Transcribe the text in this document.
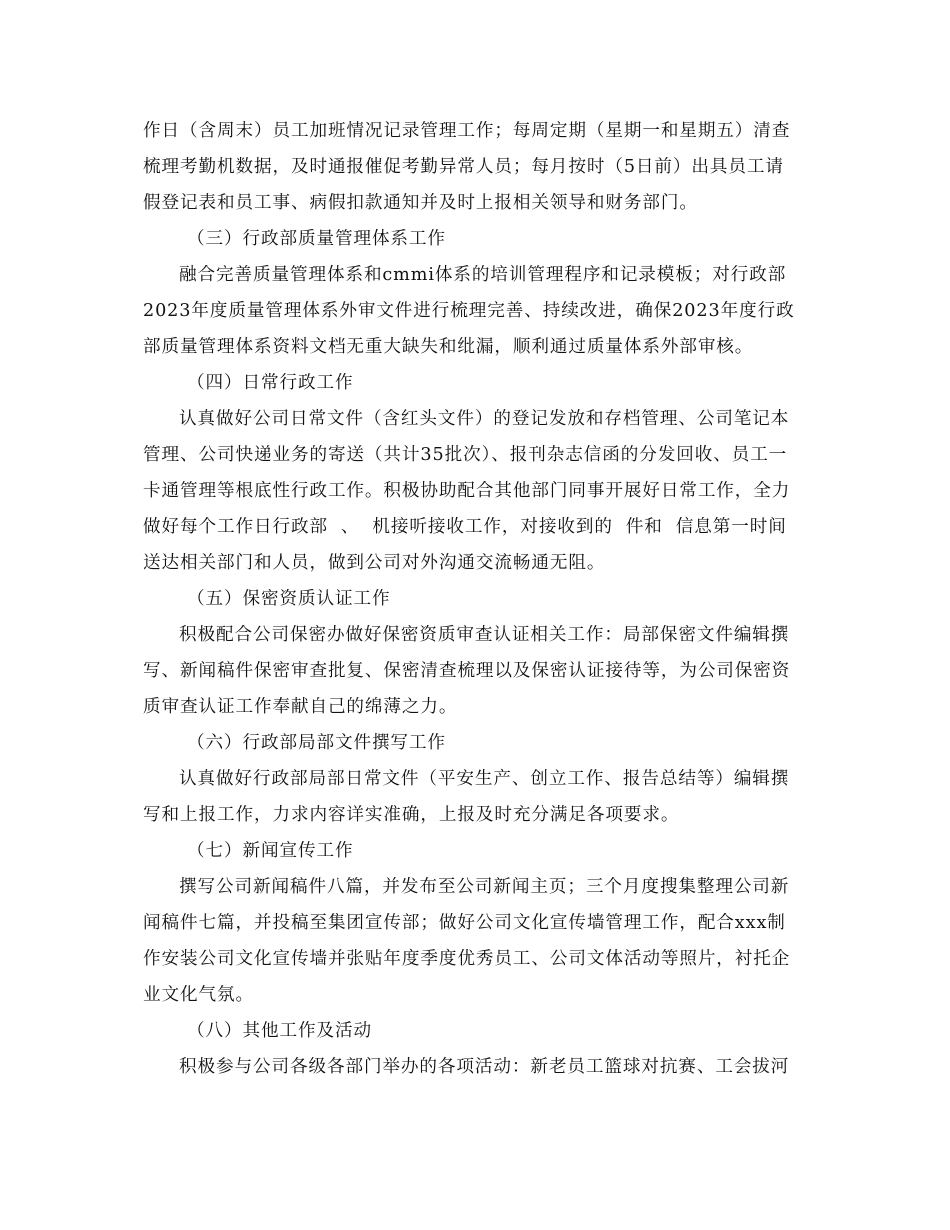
作日（含周末）员工加班情况记录管理工作；每周定期（星期一和星期五）清查
梳理考勤机数据，及时通报催促考勤异常人员；每月按时（5日前）出具员工请
假登记表和员工事、病假扣款通知并及时上报相关领导和财务部门。
（三）行政部质量管理体系工作
融合完善质量管理体系和cmmi体系的培训管理程序和记录模板；对行政部
2023年度质量管理体系外审文件进行梳理完善、持续改进，确保2023年度行政
部质量管理体系资料文档无重大缺失和纰漏，顺利通过质量体系外部审核。
（四）日常行政工作
认真做好公司日常文件（含红头文件）的登记发放和存档管理、公司笔记本
管理、公司快递业务的寄送（共计35批次）、报刊杂志信函的分发回收、员工一
卡通管理等根底性行政工作。积极协助配合其他部门同事开展好日常工作，全力
做好每个工作日行政部  、  机接听接收工作，对接收到的  件和  信息第一时间
送达相关部门和人员，做到公司对外沟通交流畅通无阻。
（五）保密资质认证工作
积极配合公司保密办做好保密资质审查认证相关工作：局部保密文件编辑撰
写、新闻稿件保密审查批复、保密清查梳理以及保密认证接待等，为公司保密资
质审查认证工作奉献自己的绵薄之力。
（六）行政部局部文件撰写工作
认真做好行政部局部日常文件（平安生产、创立工作、报告总结等）编辑撰
写和上报工作，力求内容详实准确，上报及时充分满足各项要求。
（七）新闻宣传工作
撰写公司新闻稿件八篇，并发布至公司新闻主页；三个月度搜集整理公司新
闻稿件七篇，并投稿至集团宣传部；做好公司文化宣传墙管理工作，配合xxx制
作安装公司文化宣传墙并张贴年度季度优秀员工、公司文体活动等照片，衬托企
业文化气氛。
（八）其他工作及活动
积极参与公司各级各部门举办的各项活动：新老员工篮球对抗赛、工会拔河
